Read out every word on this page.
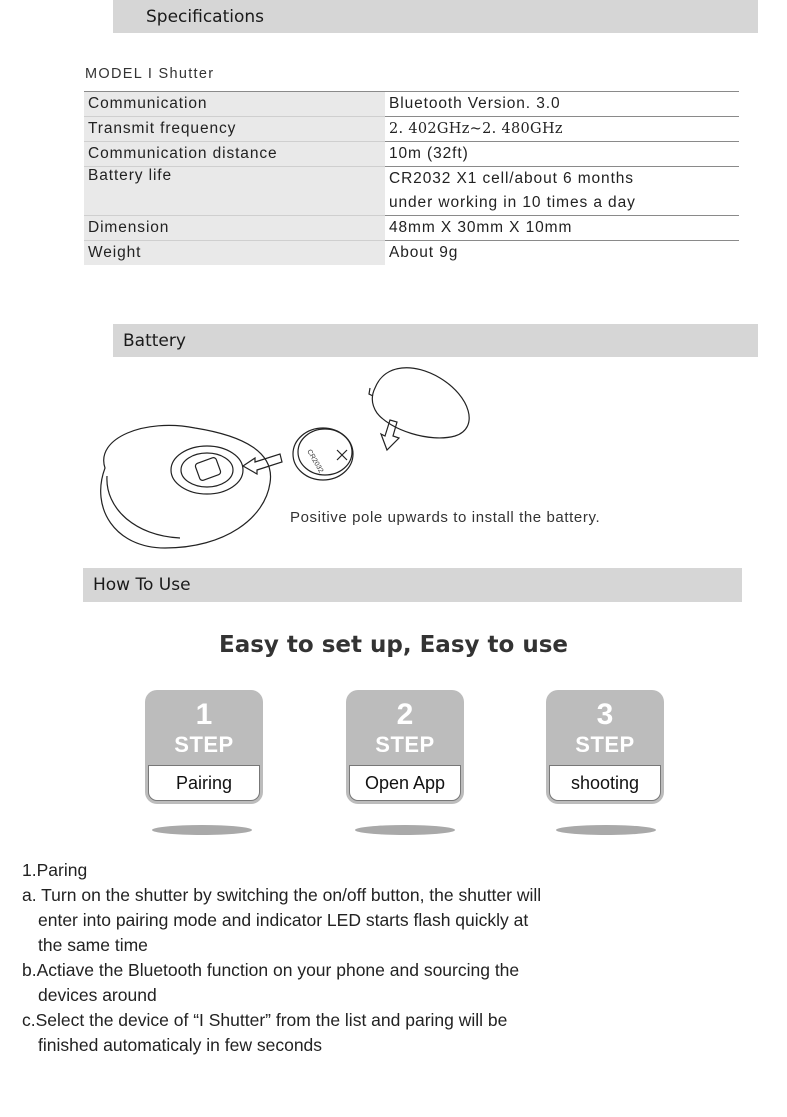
Specifications
MODEL I Shutter
Communication	Bluetooth Version. 3.0
Transmit frequency	2. 402GHz~2. 480GHz
Communication distance	10m (32ft)
Battery life	CR2032 X1 cell/about 6 months
under working in 10 times a day

Dimension	48mm X 30mm X 10mm
Weight	About 9g
Battery
CR2032
Positive pole upwards to install the battery.
How To Use
Easy to set up, Easy to use
1
STEP
Pairing
2
STEP
Open App
3
STEP
shooting
1.Paring
a. Turn on the shutter by switching the on/off button, the shutter will
enter into pairing mode and indicator LED starts flash quickly at
the same time
b.Actiave the Bluetooth function on your phone and sourcing the
devices around
c.Select the device of “I Shutter” from the list and paring will be
finished automaticaly in few seconds
